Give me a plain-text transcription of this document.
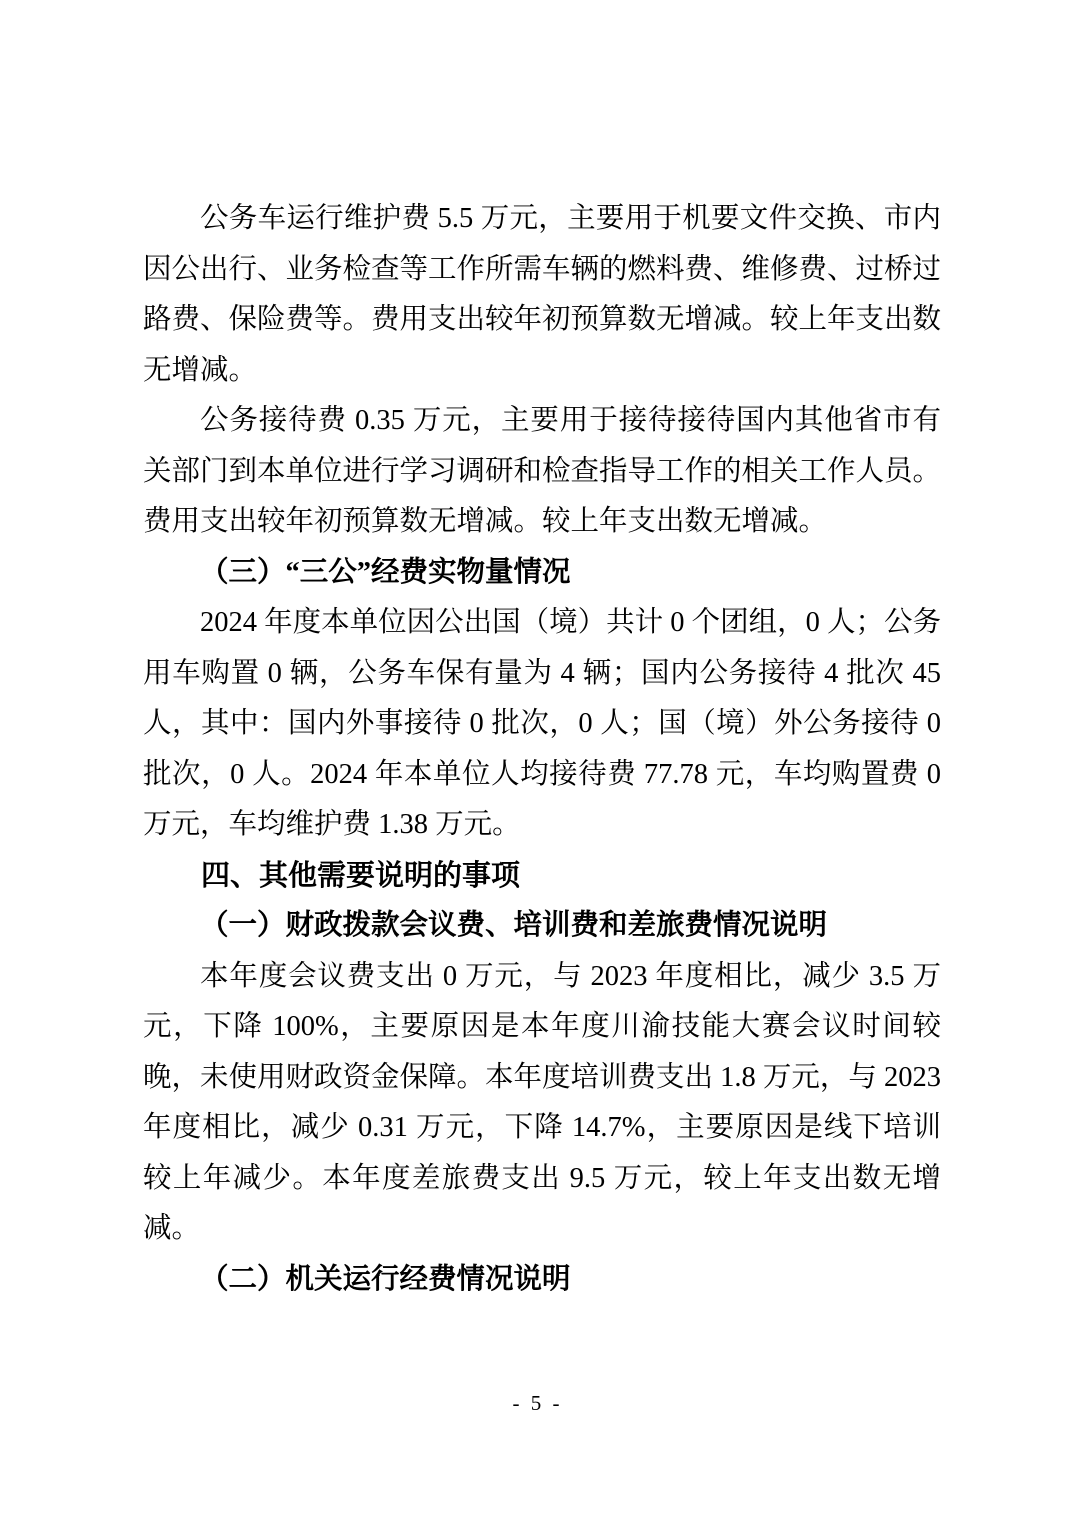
公务车运行维护费 5.5 万元，主要用于机要文件交换、市内因公出行、业务检查等工作所需车辆的燃料费、维修费、过桥过路费、保险费等。费用支出较年初预算数无增减。较上年支出数无增减。

公务接待费 0.35 万元，主要用于接待接待国内其他省市有关部门到本单位进行学习调研和检查指导工作的相关工作人员。费用支出较年初预算数无增减。较上年支出数无增减。

（三）“三公”经费实物量情况

2024 年度本单位因公出国（境）共计 0 个团组，0 人；公务用车购置 0 辆，公务车保有量为 4 辆；国内公务接待 4 批次 45 人，其中：国内外事接待 0 批次，0 人；国（境）外公务接待 0 批次，0 人。2024 年本单位人均接待费 77.78 元，车均购置费 0 万元，车均维护费 1.38 万元。

四、其他需要说明的事项

（一）财政拨款会议费、培训费和差旅费情况说明

本年度会议费支出 0 万元，与 2023 年度相比，减少 3.5 万元，下降 100%，主要原因是本年度川渝技能大赛会议时间较晚，未使用财政资金保障。本年度培训费支出 1.8 万元，与 2023 年度相比，减少 0.31 万元，下降 14.7%，主要原因是线下培训较上年减少。本年度差旅费支出 9.5 万元，较上年支出数无增减。

（二）机关运行经费情况说明

- 5 -
